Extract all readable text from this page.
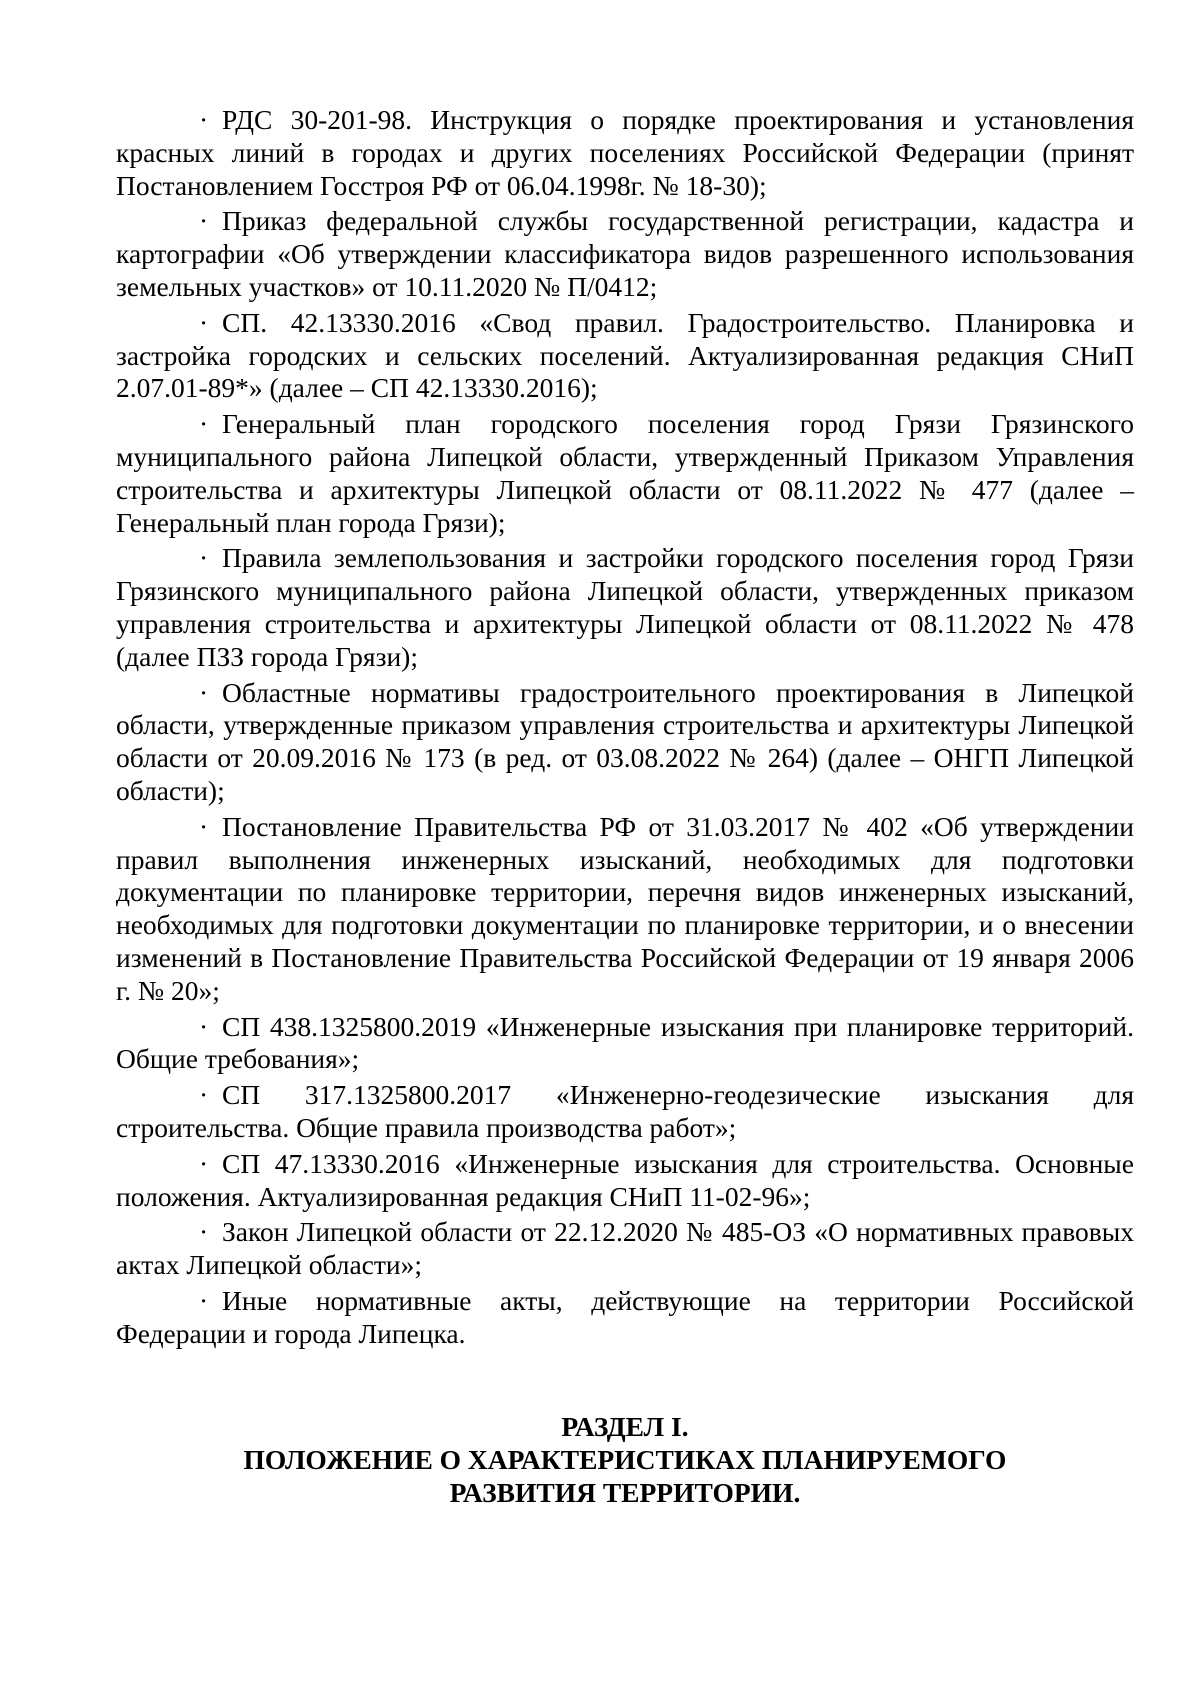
· РДС 30-201-98. Инструкция о порядке проектирования и установления красных линий в городах и других поселениях Российской Федерации (принят Постановлением Госстроя РФ от 06.04.1998г. № 18-30);
· Приказ федеральной службы государственной регистрации, кадастра и картографии «Об утверждении классификатора видов разрешенного использования земельных участков» от 10.11.2020 № П/0412;
· СП. 42.13330.2016 «Свод правил. Градостроительство. Планировка и застройка городских и сельских поселений. Актуализированная редакция СНиП 2.07.01-89*» (далее – СП 42.13330.2016);
· Генеральный план городского поселения город Грязи Грязинского муниципального района Липецкой области, утвержденный Приказом Управления строительства и архитектуры Липецкой области от 08.11.2022 № 477 (далее – Генеральный план города Грязи);
· Правила землепользования и застройки городского поселения город Грязи Грязинского муниципального района Липецкой области, утвержденных приказом управления строительства и архитектуры Липецкой области от 08.11.2022 № 478 (далее ПЗЗ города Грязи);
· Областные нормативы градостроительного проектирования в Липецкой области, утвержденные приказом управления строительства и архитектуры Липецкой области от 20.09.2016 № 173 (в ред. от 03.08.2022 № 264) (далее – ОНГП Липецкой области);
· Постановление Правительства РФ от 31.03.2017 № 402 «Об утверждении правил выполнения инженерных изысканий, необходимых для подготовки документации по планировке территории, перечня видов инженерных изысканий, необходимых для подготовки документации по планировке территории, и о внесении изменений в Постановление Правительства Российской Федерации от 19 января 2006 г. № 20»;
· СП 438.1325800.2019 «Инженерные изыскания при планировке территорий. Общие требования»;
· СП 317.1325800.2017 «Инженерно-геодезические изыскания для строительства. Общие правила производства работ»;
· СП 47.13330.2016 «Инженерные изыскания для строительства. Основные положения. Актуализированная редакция СНиП 11-02-96»;
· Закон Липецкой области от 22.12.2020 № 485-ОЗ «О нормативных правовых актах Липецкой области»;
· Иные нормативные акты, действующие на территории Российской Федерации и города Липецка.
РАЗДЕЛ I.
ПОЛОЖЕНИЕ О ХАРАКТЕРИСТИКАХ ПЛАНИРУЕМОГО
РАЗВИТИЯ ТЕРРИТОРИИ.
